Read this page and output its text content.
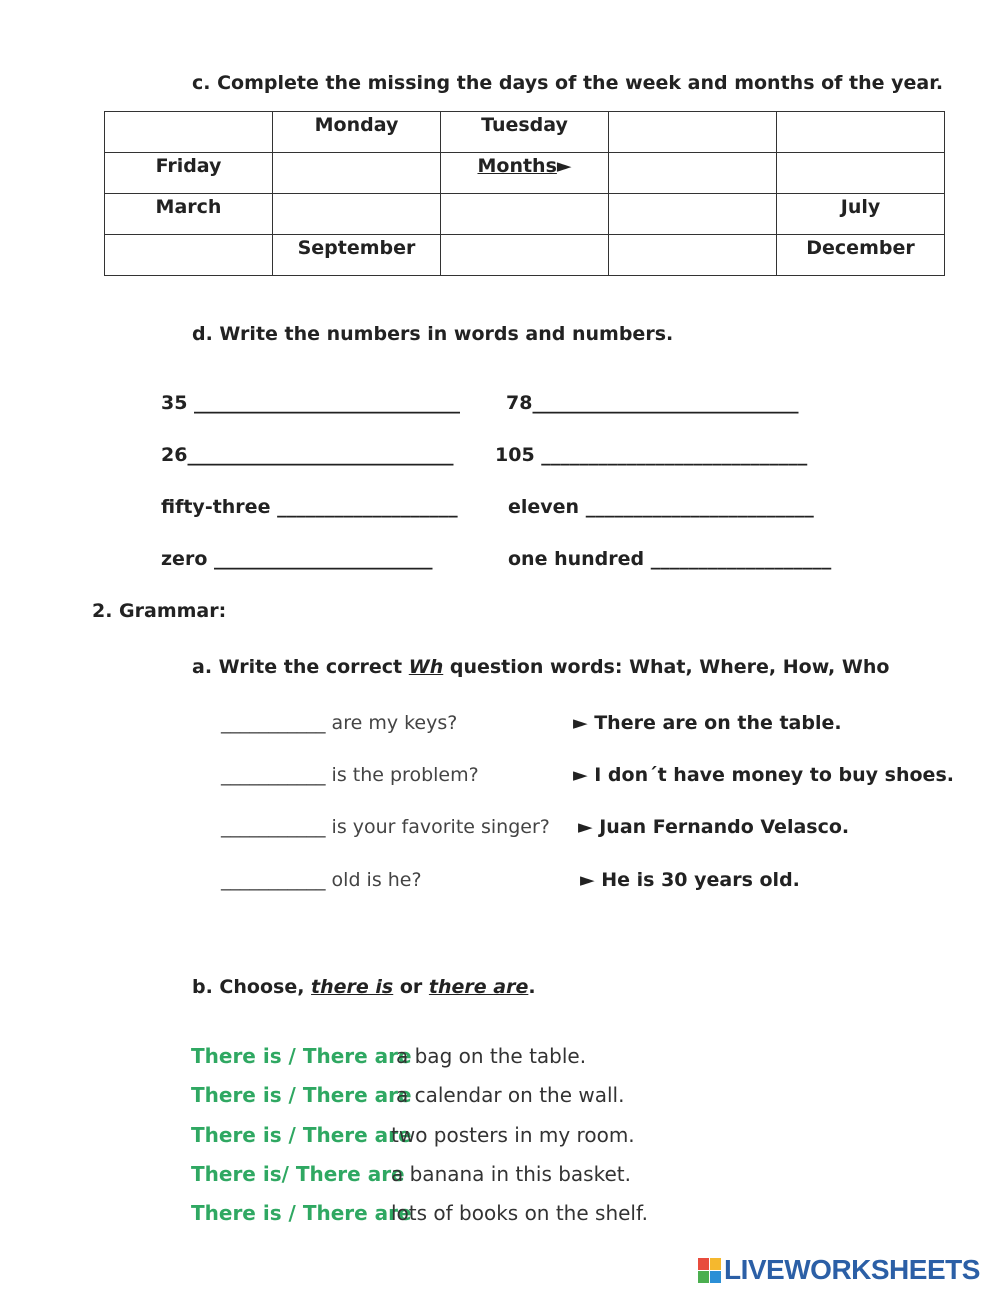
c. Complete the missing the days of the week and months of the year.
	Monday	Tuesday		
Friday		Months►		
March				July
	September			December
d. Write the numbers in words and numbers.
35 ____________________________ 78____________________________
26____________________________ 105 ____________________________
fifty-three ___________________	eleven ________________________
zero _______________________	one hundred ___________________
2. Grammar:
a. Write the correct Wh question words: What, Where, How, Who
___________ are my keys?	► There are on the table.
___________ is the problem?	► I don´t have money to buy shoes.
___________ is your favorite singer? ► Juan Fernando Velasco.
___________ old is he?	► He is 30 years old.
b. Choose, there is or there are.
There is / There area bag on the table.
There is / There area calendar on the wall.
There is / There aretwo posters in my room.
There is/ There area banana in this basket.
There is / There arelots of books on the shelf.
LIVEWORKSHEETS
